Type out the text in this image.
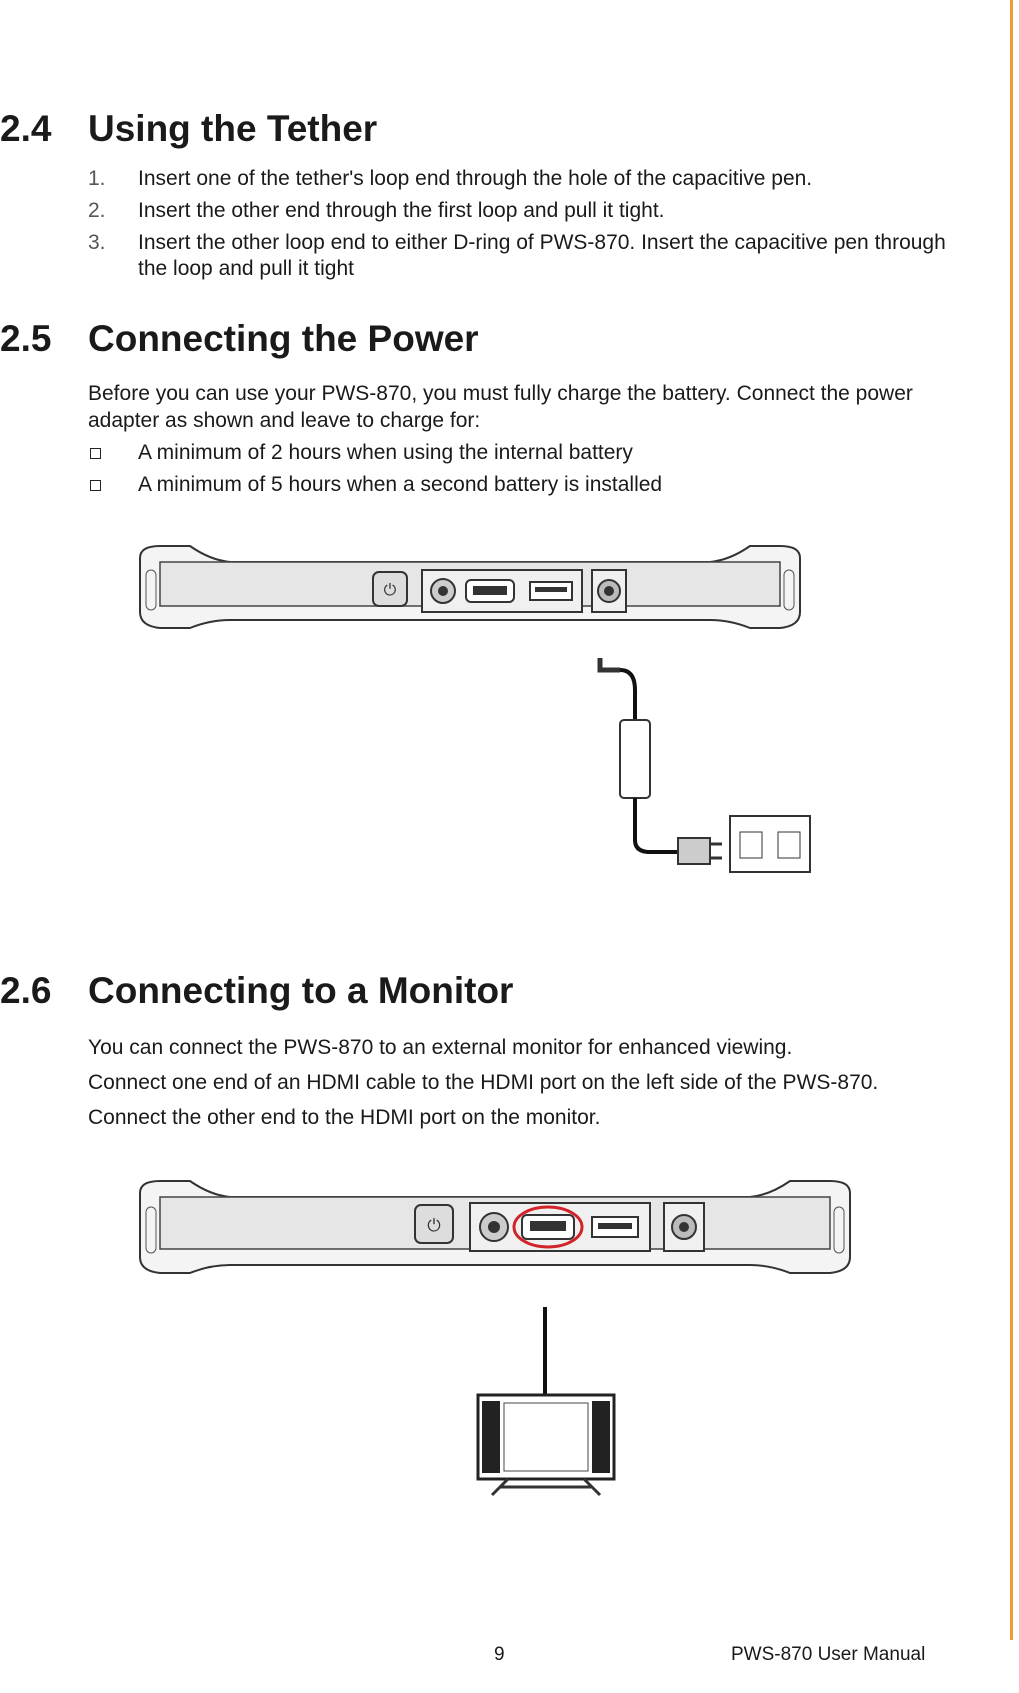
2.4 Using the Tether
1. Insert one of the tether's loop end through the hole of the capacitive pen.
2. Insert the other end through the first loop and pull it tight.
3. Insert the other loop end to either D-ring of PWS-870. Insert the capacitive pen through the loop and pull it tight
2.5 Connecting the Power
Before you can use your PWS-870, you must fully charge the battery. Connect the power adapter as shown and leave to charge for:
A minimum of 2 hours when using the internal battery
A minimum of 5 hours when a second battery is installed
⏻
2.6 Connecting to a Monitor
You can connect the PWS-870 to an external monitor for enhanced viewing.
Connect one end of an HDMI cable to the HDMI port on the left side of the PWS-870.
Connect the other end to the HDMI port on the monitor.
⏻
9	PWS-870 User Manual
